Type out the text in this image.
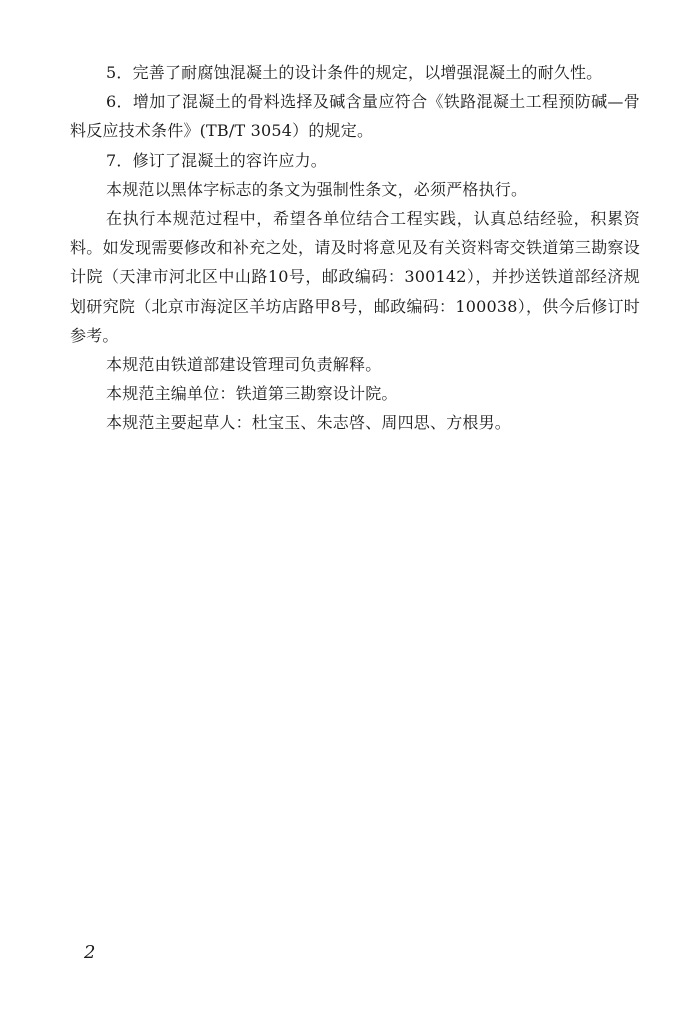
5．完善了耐腐蚀混凝土的设计条件的规定，以增强混凝土的耐久性。

6．增加了混凝土的骨料选择及碱含量应符合《铁路混凝土工程预防碱—骨料反应技术条件》(TB/T 3054）的规定。

7．修订了混凝土的容许应力。

本规范以黑体字标志的条文为强制性条文，必须严格执行。

在执行本规范过程中，希望各单位结合工程实践，认真总结经验，积累资料。如发现需要修改和补充之处，请及时将意见及有关资料寄交铁道第三勘察设计院（天津市河北区中山路10号，邮政编码：300142），并抄送铁道部经济规划研究院（北京市海淀区羊坊店路甲8号，邮政编码：100038），供今后修订时参考。

本规范由铁道部建设管理司负责解释。

本规范主编单位：铁道第三勘察设计院。

本规范主要起草人：杜宝玉、朱志啓、周四思、方根男。

2
